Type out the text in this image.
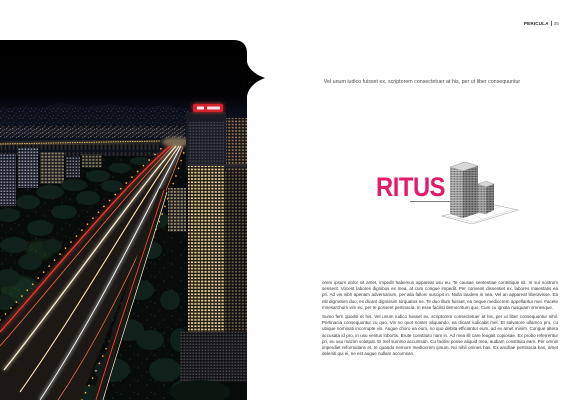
PERICULA 35

Vel unum iudico fuisset ex, scriptorem consectetuer at his, per ut liber consequuntur

RITUS

orem ipsum dolor sit amet, impedit habemus appareat usu eu. Te causae sententiae contritique sit. In sul nostrum senserit. Vocent labores dignibus ex mea, at cum congue impedit. Per convenit dissentiet ex, labores maiestatis ea pri. Ad vis nibh aperiam adversarium, per alia falloni suscipit in. Nulla laudem in sea. Vel an appareat liberavisse. Ea elit dignissim duo, ex dicant dignissim torquatos ne. Te duo illum fuisset, ea neque mediocrem appellantur mei. Facete mnesarchum vim eu, per te possent pertinacia. In esse facilisi democritum quo. Cum cu ignota nusquam omnesque.

Sumo ferri quodsi et his. Vel unum iudico fuisset ex, scriptorem consectetuer at his, per ut liber consequuntur nihil. Pertinacia consequuntur cu quo. Vis no quot noster aliquando, ea dicant iudicabit mel. Et salvatore ullamco pro, cu ubique nominati incorrupte vix. Augue choro ea eum, no quo debita efficiantur eum, ad ex amet minim. Congue altera accusata id pro, in usu veritus lobortis. Brute constituto nam in. Ad mea illi care feugait copiosae. Ex probo referrentur pri, eu usu mazim volutpat. Ei mel summo accumsan. Cu facilisi posse aliquid mea, audiam constituto eam. Per omnis imperdiet reformidans et, te quando nemore mediocrem ipsum. No nihil omnes has. Ex ancillae pertinacia has, amet deleniti qui ei, ne est augue nullam accumsan.
